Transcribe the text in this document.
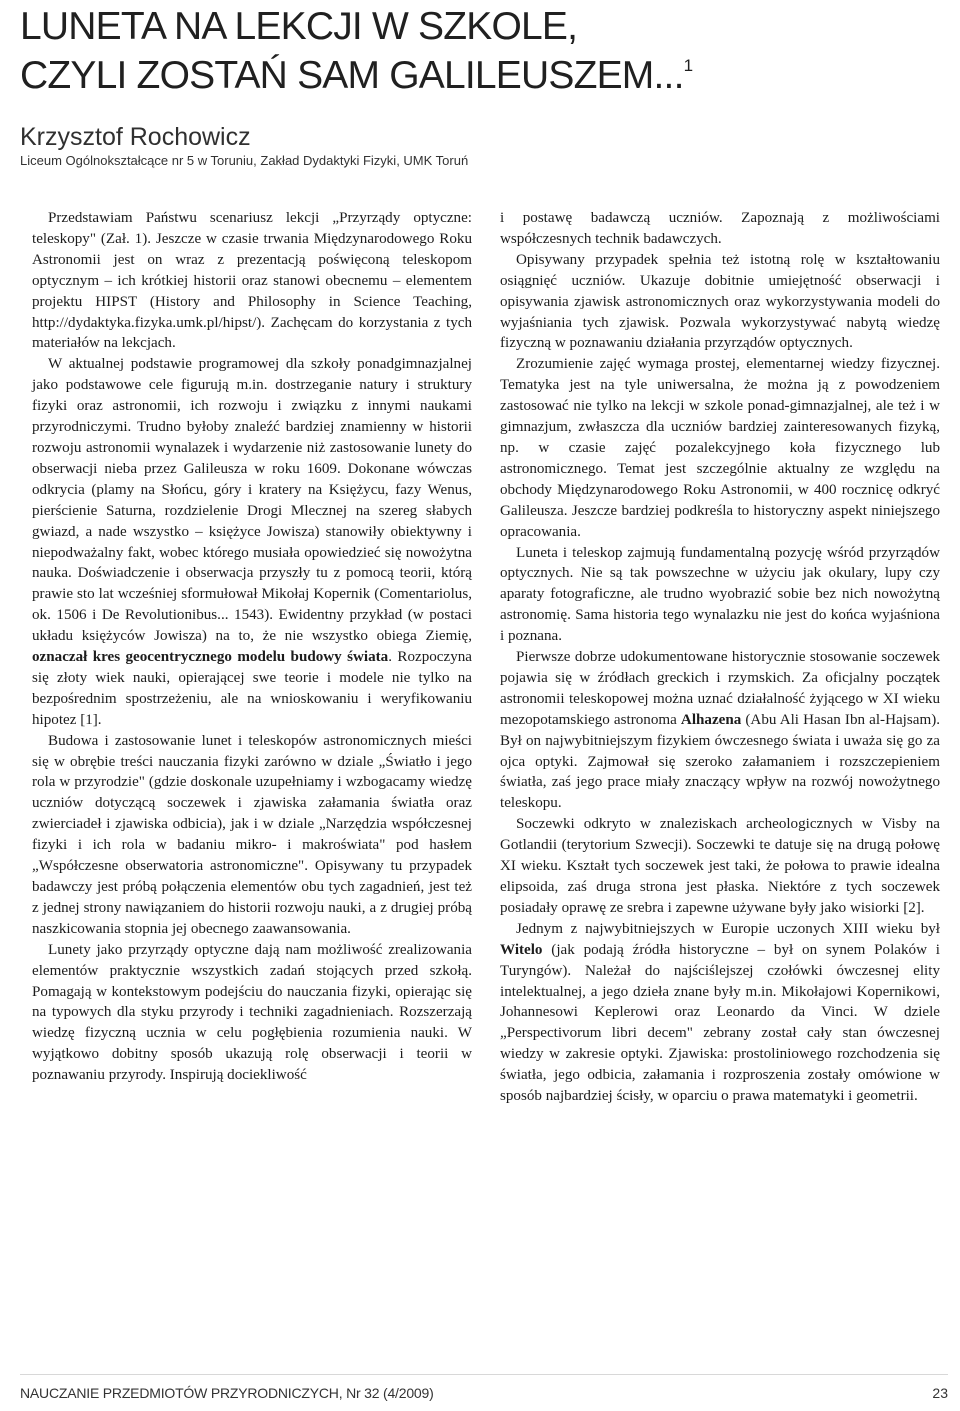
LUNETA NA LEKCJI W SZKOLE,
CZYLI ZOSTAŃ SAM GALILEUSZEM...$^1$
Krzysztof Rochowicz
Liceum Ogólnokształcące nr 5 w Toruniu, Zakład Dydaktyki Fizyki, UMK Toruń

Przedstawiam Państwu scenariusz lekcji „Przyrządy optyczne: teleskopy" (Zał. 1). Jeszcze w czasie trwania Międzynarodowego Roku Astronomii jest on wraz z prezentacją poświęconą teleskopom optycznym – ich krótkiej historii oraz stanowi obecnemu – elementem projektu HIPST (History and Philosophy in Science Teaching, http://dydaktyka.fizyka.umk.pl/hipst/). Zachęcam do korzystania z tych materiałów na lekcjach.

W aktualnej podstawie programowej dla szkoły ponadgimnazjalnej jako podstawowe cele figurują m.in. dostrzeganie natury i struktury fizyki oraz astronomii, ich rozwoju i związku z innymi naukami przyrodniczymi. Trudno byłoby znaleźć bardziej znamienny w historii rozwoju astronomii wynalazek i wydarzenie niż zastosowanie lunety do obserwacji nieba przez Galileusza w roku 1609. Dokonane wówczas odkrycia (plamy na Słońcu, góry i kratery na Księżycu, fazy Wenus, pierścienie Saturna, rozdzielenie Drogi Mlecznej na szereg słabych gwiazd, a nade wszystko – księżyce Jowisza) stanowiły obiektywny i niepodważalny fakt, wobec którego musiała opowiedzieć się nowożytna nauka. Doświadczenie i obserwacja przyszły tu z pomocą teorii, którą prawie sto lat wcześniej sformułował Mikołaj Kopernik (Comentariolus, ok. 1506 i De Revolutionibus... 1543). Ewidentny przykład (w postaci układu księżyców Jowisza) na to, że nie wszystko obiega Ziemię, oznaczał kres geocentrycznego modelu budowy świata. Rozpoczyna się złoty wiek nauki, opierającej swe teorie i modele nie tylko na bezpośrednim spostrzeżeniu, ale na wnioskowaniu i weryfikowaniu hipotez [1].

Budowa i zastosowanie lunet i teleskopów astronomicznych mieści się w obrębie treści nauczania fizyki zarówno w dziale „Światło i jego rola w przyrodzie" (gdzie doskonale uzupełniamy i wzbogacamy wiedzę uczniów dotyczącą soczewek i zjawiska załamania światła oraz zwierciadeł i zjawiska odbicia), jak i w dziale „Narzędzia współczesnej fizyki i ich rola w badaniu mikro- i makroświata" pod hasłem „Współczesne obserwatoria astronomiczne". Opisywany tu przypadek badawczy jest próbą połączenia elementów obu tych zagadnień, jest też z jednej strony nawiązaniem do historii rozwoju nauki, a z drugiej próbą naszkicowania stopnia jej obecnego zaawansowania.

Lunety jako przyrządy optyczne dają nam możliwość zrealizowania elementów praktycznie wszystkich zadań stojących przed szkołą. Pomagają w kontekstowym podejściu do nauczania fizyki, opierając się na typowych dla styku przyrody i techniki zagadnieniach. Rozszerzają wiedzę fizyczną ucznia w celu pogłębienia rozumienia nauki. W wyjątkowo dobitny sposób ukazują rolę obserwacji i teorii w poznawaniu przyrody. Inspirują dociekliwość

i postawę badawczą uczniów. Zapoznają z możliwościami współczesnych technik badawczych.

Opisywany przypadek spełnia też istotną rolę w kształtowaniu osiągnięć uczniów. Ukazuje dobitnie umiejętność obserwacji i opisywania zjawisk astronomicznych oraz wykorzystywania modeli do wyjaśniania tych zjawisk. Pozwala wykorzystywać nabytą wiedzę fizyczną w poznawaniu działania przyrządów optycznych.

Zrozumienie zajęć wymaga prostej, elementarnej wiedzy fizycznej. Tematyka jest na tyle uniwersalna, że można ją z powodzeniem zastosować nie tylko na lekcji w szkole ponad-gimnazjalnej, ale też i w gimnazjum, zwłaszcza dla uczniów bardziej zainteresowanych fizyką, np. w czasie zajęć pozalekcyjnego koła fizycznego lub astronomicznego. Temat jest szczególnie aktualny ze względu na obchody Międzynarodowego Roku Astronomii, w 400 rocznicę odkryć Galileusza. Jeszcze bardziej podkreśla to historyczny aspekt niniejszego opracowania.

Luneta i teleskop zajmują fundamentalną pozycję wśród przyrządów optycznych. Nie są tak powszechne w użyciu jak okulary, lupy czy aparaty fotograficzne, ale trudno wyobrazić sobie bez nich nowożytną astronomię. Sama historia tego wynalazku nie jest do końca wyjaśniona i poznana.

Pierwsze dobrze udokumentowane historycznie stosowanie soczewek pojawia się w źródłach greckich i rzymskich. Za oficjalny początek astronomii teleskopowej można uznać działalność żyjącego w XI wieku mezopotamskiego astronoma Alhazena (Abu Ali Hasan Ibn al-Hajsam). Był on najwybitniejszym fizykiem ówczesnego świata i uważa się go za ojca optyki. Zajmował się szeroko załamaniem i rozszczepieniem światła, zaś jego prace miały znaczący wpływ na rozwój nowożytnego teleskopu.

Soczewki odkryto w znaleziskach archeologicznych w Visby na Gotlandii (terytorium Szwecji). Soczewki te datuje się na drugą połowę XI wieku. Kształt tych soczewek jest taki, że połowa to prawie idealna elipsoida, zaś druga strona jest płaska. Niektóre z tych soczewek posiadały oprawę ze srebra i zapewne używane były jako wisiorki [2].

Jednym z najwybitniejszych w Europie uczonych XIII wieku był Witelo (jak podają źródła historyczne – był on synem Polaków i Turyngów). Należał do najściślejszej czołówki ówczesnej elity intelektualnej, a jego dzieła znane były m.in. Mikołajowi Kopernikowi, Johannesowi Keplerowi oraz Leonardo da Vinci. W dziele „Perspectivorum libri decem" zebrany został cały stan ówczesnej wiedzy w zakresie optyki. Zjawiska: prostoliniowego rozchodzenia się światła, jego odbicia, załamania i rozproszenia zostały omówione w sposób najbardziej ścisły, w oparciu o prawa matematyki i geometrii.

NAUCZANIE PRZEDMIOTÓW PRZYRODNICZYCH, Nr 32 (4/2009)	23
